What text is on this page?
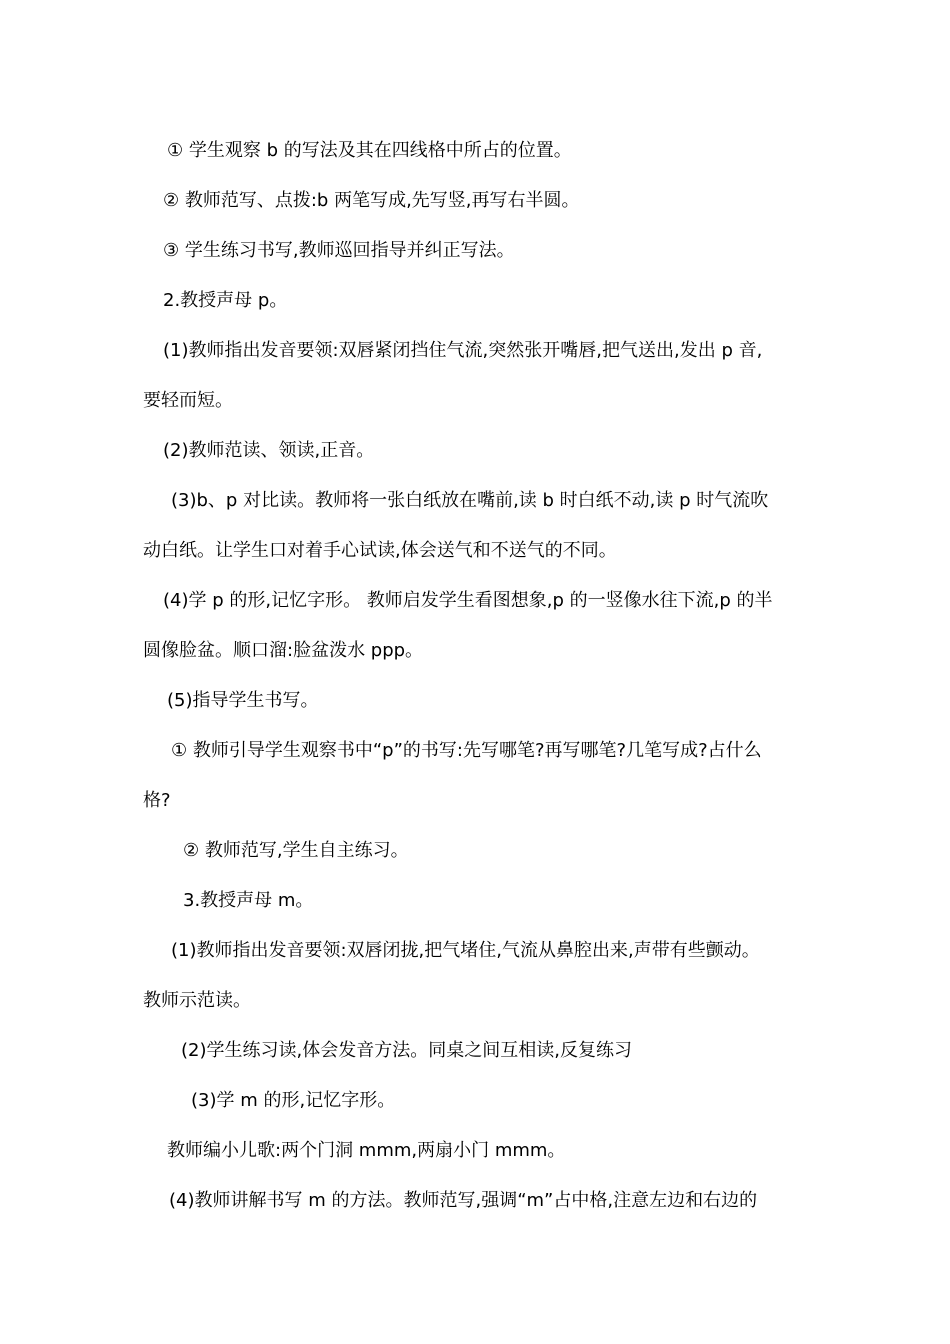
① 学生观察 b 的写法及其在四线格中所占的位置。
② 教师范写、点拨:b 两笔写成,先写竖,再写右半圆。
③ 学生练习书写,教师巡回指导并纠正写法。
2.教授声母 p。
(1)教师指出发音要领:双唇紧闭挡住气流,突然张开嘴唇,把气送出,发出 p 音,
要轻而短。
(2)教师范读、领读,正音。
(3)b、p 对比读。教师将一张白纸放在嘴前,读 b 时白纸不动,读 p 时气流吹
动白纸。让学生口对着手心试读,体会送气和不送气的不同。
(4)学 p 的形,记忆字形。 教师启发学生看图想象,p 的一竖像水往下流,p 的半
圆像脸盆。顺口溜:脸盆泼水 ppp。
(5)指导学生书写。
① 教师引导学生观察书中“p”的书写:先写哪笔?再写哪笔?几笔写成?占什么
格?
② 教师范写,学生自主练习。
3.教授声母 m。
(1)教师指出发音要领:双唇闭拢,把气堵住,气流从鼻腔出来,声带有些颤动。
教师示范读。
(2)学生练习读,体会发音方法。同桌之间互相读,反复练习
(3)学 m 的形,记忆字形。
教师编小儿歌:两个门洞 mmm,两扇小门 mmm。
(4)教师讲解书写 m 的方法。教师范写,强调“m”占中格,注意左边和右边的
